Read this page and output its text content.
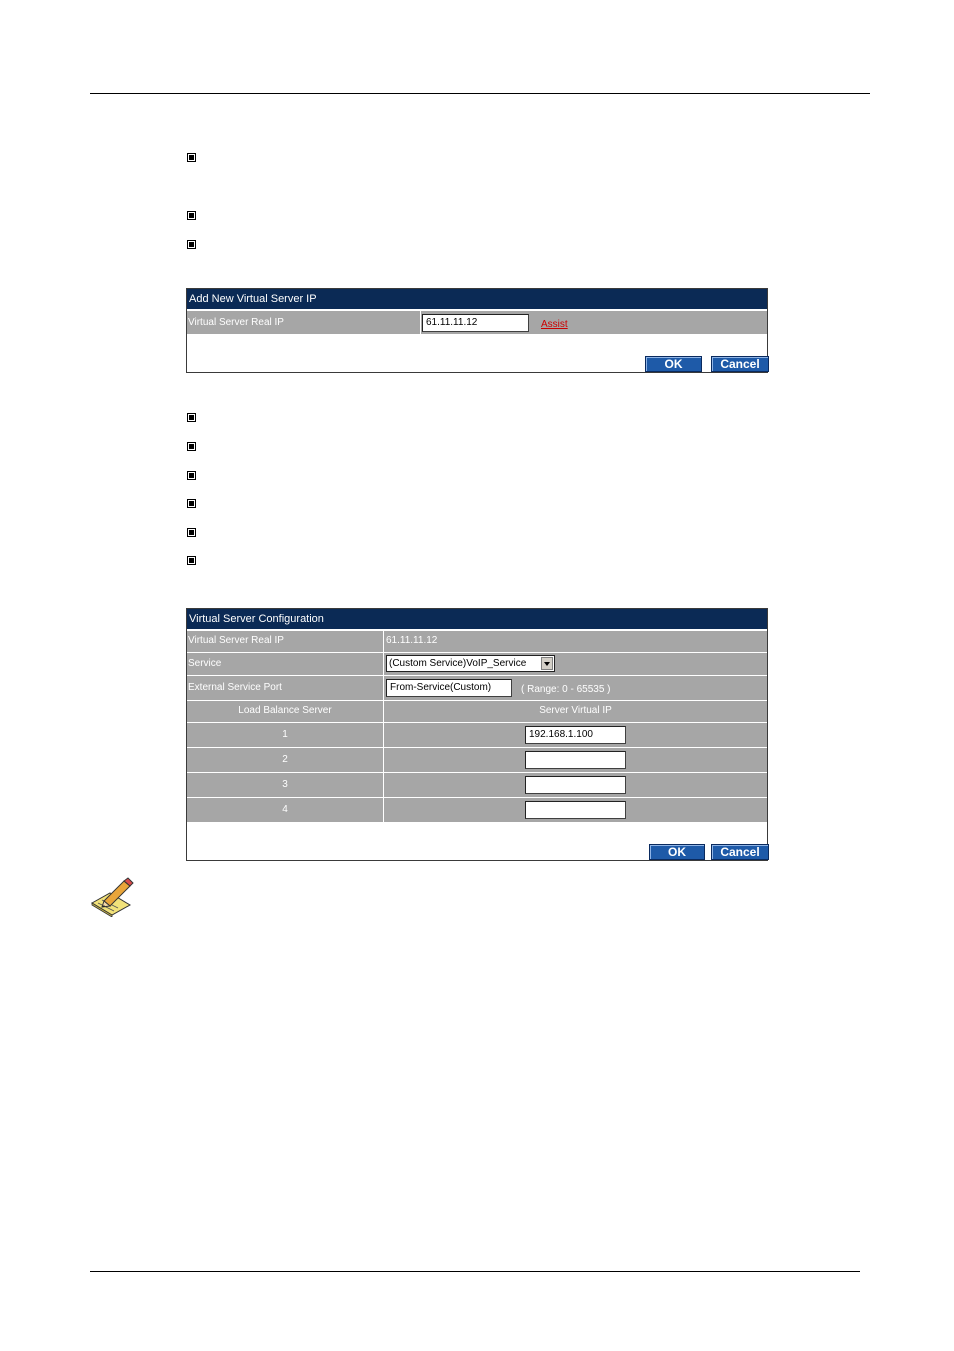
Add New Virtual Server IP
Virtual Server Real IP	61.11.11.12	Assist
OK	Cancel
Virtual Server Configuration
Virtual Server Real IP	61.11.11.12
Service	(Custom Service)VoIP_Service
External Service Port	From-Service(Custom)	( Range: 0 - 65535 )
Load Balance Server	Server Virtual IP
1	192.168.1.100
2
3
4
OK	Cancel
